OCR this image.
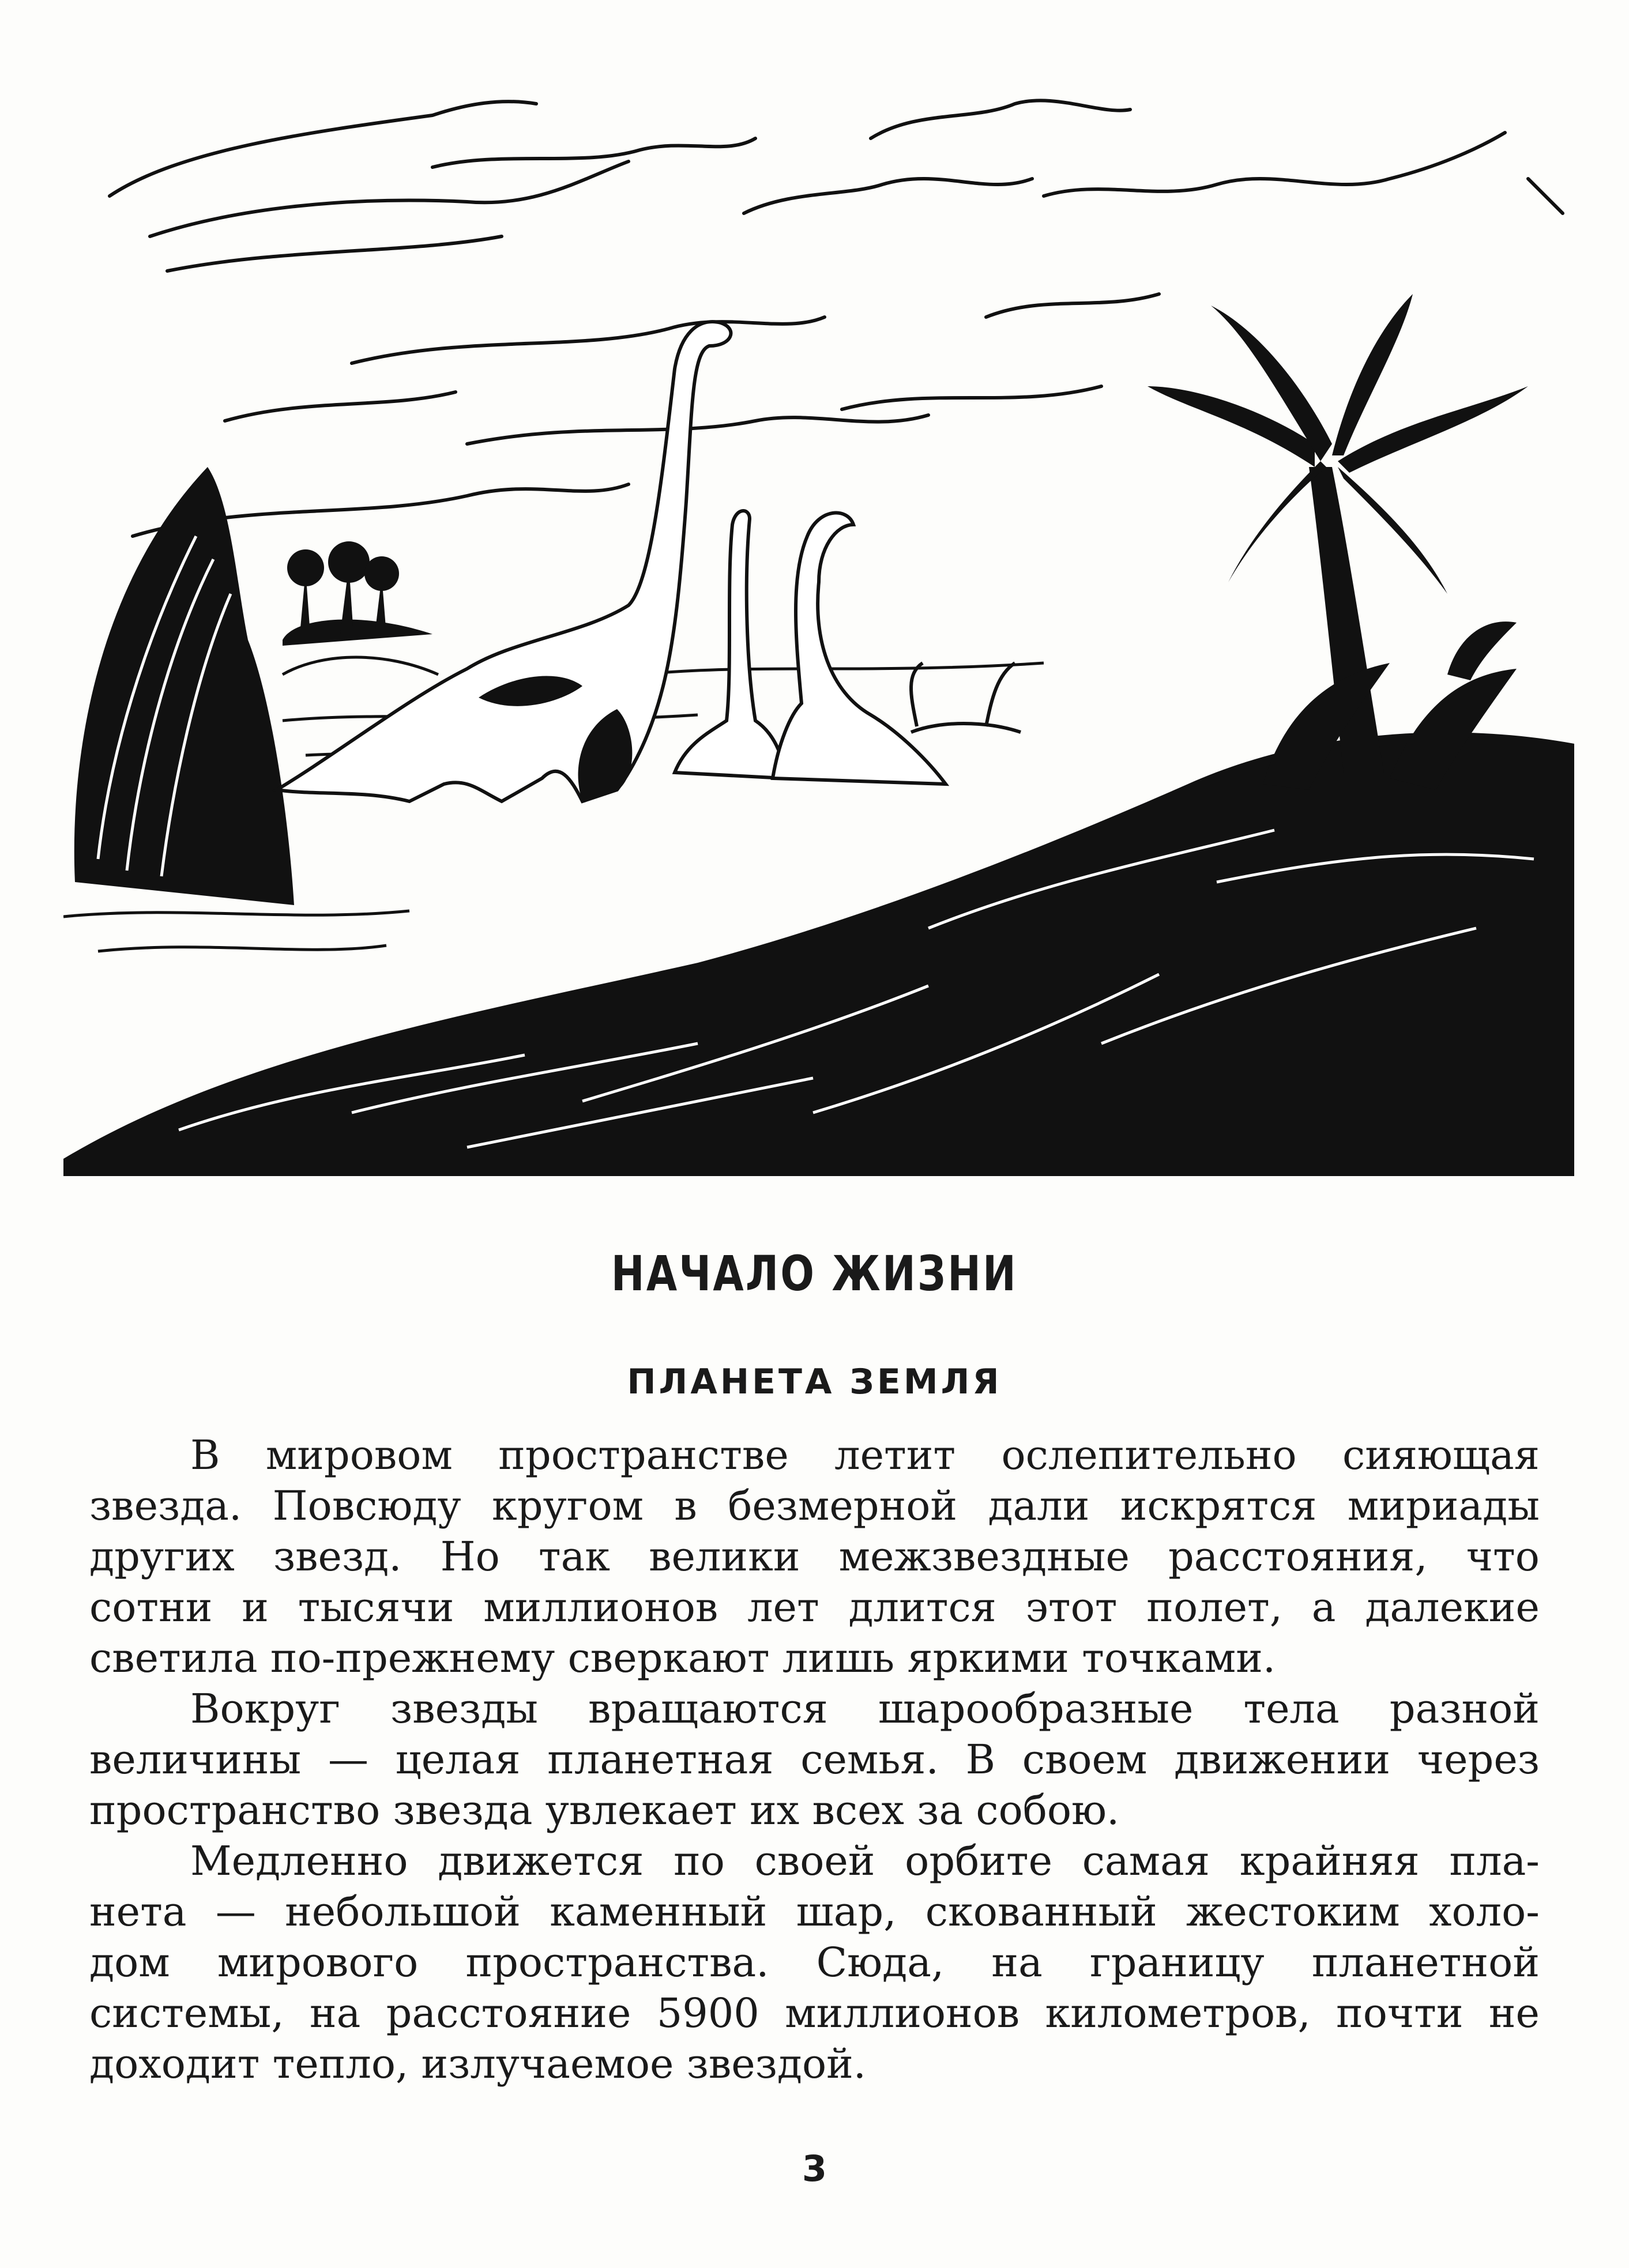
НАЧАЛО ЖИЗНИ
ПЛАНЕТА ЗЕМЛЯ
В мировом пространстве летит ослепительно сияющая
звезда. Повсюду кругом в безмерной дали искрятся мириады
других звезд. Но так велики межзвездные расстояния, что
сотни и тысячи миллионов лет длится этот полет, а далекие
светила по-прежнему сверкают лишь яркими точками.
Вокруг звезды вращаются шарообразные тела разной
величины — целая планетная семья. В своем движении через
пространство звезда увлекает их всех за собою.
Медленно движется по своей орбите самая крайняя пла-
нета — небольшой каменный шар, скованный жестоким холо-
дом мирового пространства. Сюда, на границу планетной
системы, на расстояние 5900 миллионов километров, почти не
доходит тепло, излучаемое звездой.
3
